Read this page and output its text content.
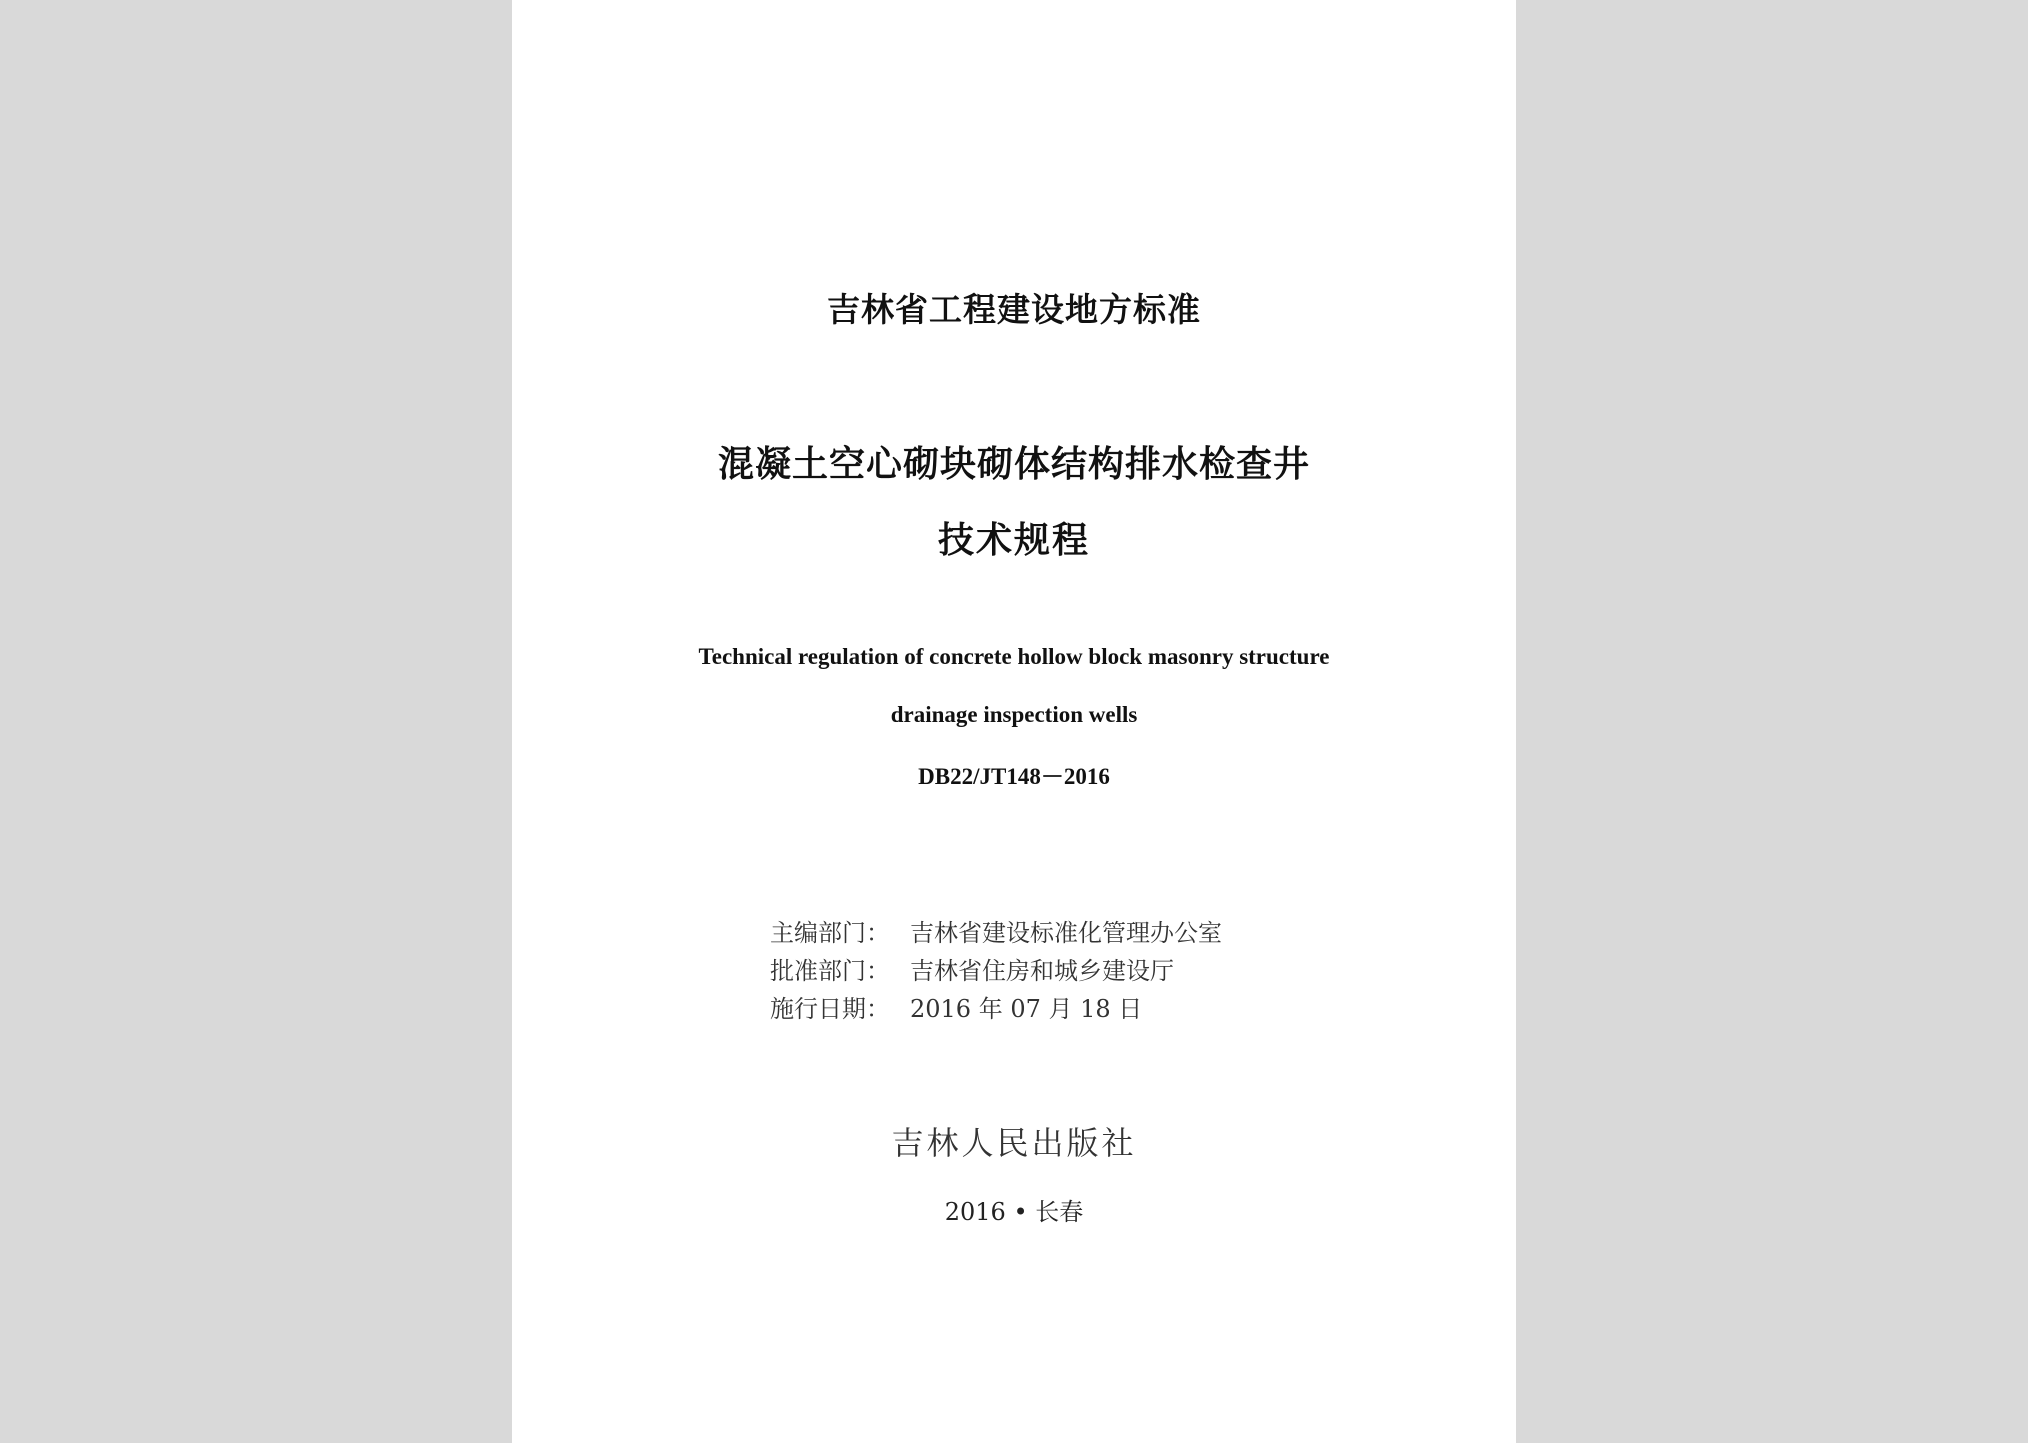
吉林省工程建设地方标准
混凝土空心砌块砌体结构排水检查井
技术规程
Technical regulation of concrete hollow block masonry structure
drainage inspection wells
DB22/JT148－2016
主编部门： 吉林省建设标准化管理办公室
批准部门： 吉林省住房和城乡建设厅
施行日期： 2016 年 07 月 18 日
吉林人民出版社
2016 • 长春
